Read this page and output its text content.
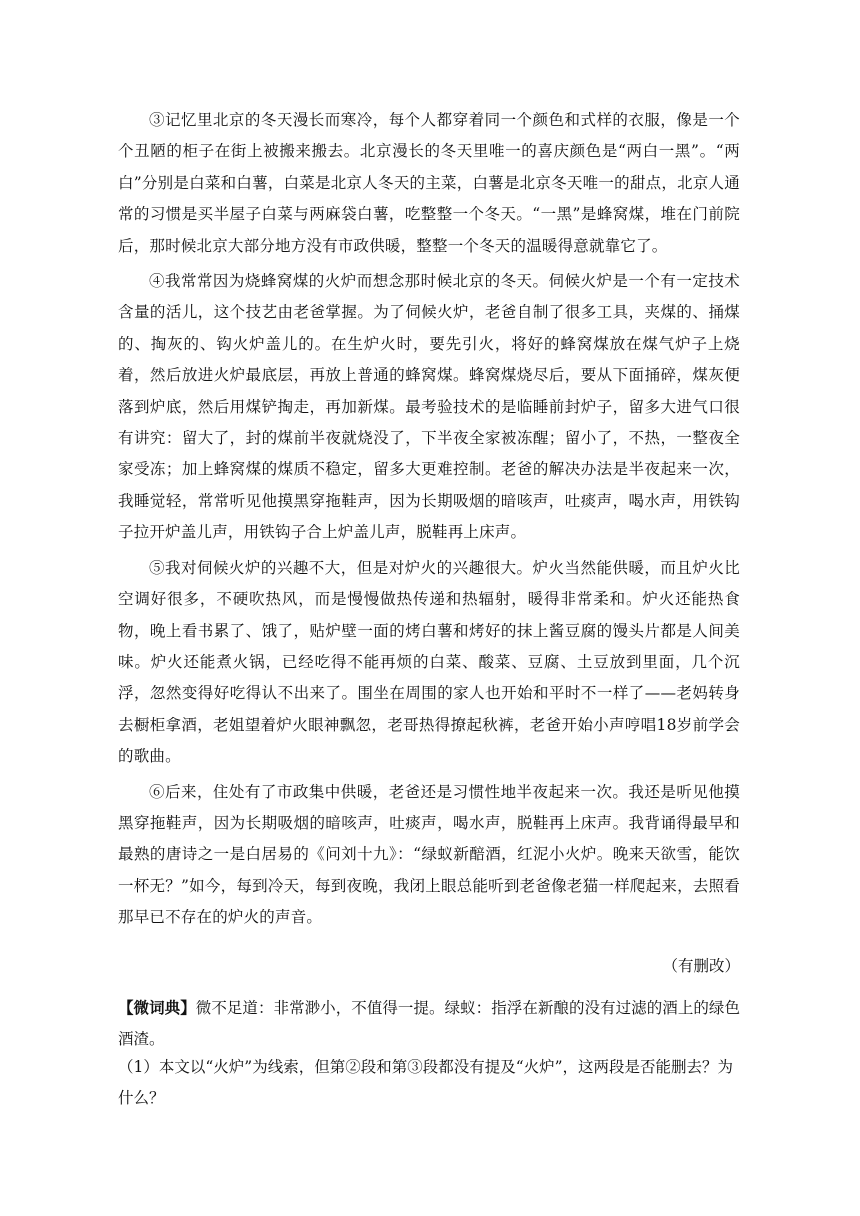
③记忆里北京的冬天漫长而寒冷，每个人都穿着同一个颜色和式样的衣服，像是一个个丑陋的柜子在街上被搬来搬去。北京漫长的冬天里唯一的喜庆颜色是“两白一黑”。“两白”分别是白菜和白薯，白菜是北京人冬天的主菜，白薯是北京冬天唯一的甜点，北京人通常的习惯是买半屋子白菜与两麻袋白薯，吃整整一个冬天。“一黑”是蜂窝煤，堆在门前院后，那时候北京大部分地方没有市政供暖，整整一个冬天的温暖得意就靠它了。

④我常常因为烧蜂窝煤的火炉而想念那时候北京的冬天。伺候火炉是一个有一定技术含量的活儿，这个技艺由老爸掌握。为了伺候火炉，老爸自制了很多工具，夹煤的、捅煤的、掏灰的、钩火炉盖儿的。在生炉火时，要先引火，将好的蜂窝煤放在煤气炉子上烧着，然后放进火炉最底层，再放上普通的蜂窝煤。蜂窝煤烧尽后，要从下面捅碎，煤灰便落到炉底，然后用煤铲掏走，再加新煤。最考验技术的是临睡前封炉子，留多大进气口很有讲究：留大了，封的煤前半夜就烧没了，下半夜全家被冻醒；留小了，不热，一整夜全家受冻；加上蜂窝煤的煤质不稳定，留多大更难控制。老爸的解决办法是半夜起来一次，我睡觉轻，常常听见他摸黑穿拖鞋声，因为长期吸烟的暗咳声，吐痰声，喝水声，用铁钩子拉开炉盖儿声，用铁钩子合上炉盖儿声，脱鞋再上床声。

⑤我对伺候火炉的兴趣不大，但是对炉火的兴趣很大。炉火当然能供暖，而且炉火比空调好很多，不硬吹热风，而是慢慢做热传递和热辐射，暖得非常柔和。炉火还能热食物，晚上看书累了、饿了，贴炉壁一面的烤白薯和烤好的抹上酱豆腐的馒头片都是人间美味。炉火还能煮火锅，已经吃得不能再烦的白菜、酸菜、豆腐、土豆放到里面，几个沉浮，忽然变得好吃得认不出来了。围坐在周围的家人也开始和平时不一样了——老妈转身去橱柜拿酒，老姐望着炉火眼神飘忽，老哥热得撩起秋裤，老爸开始小声哼唱18岁前学会的歌曲。

⑥后来，住处有了市政集中供暖，老爸还是习惯性地半夜起来一次。我还是听见他摸黑穿拖鞋声，因为长期吸烟的暗咳声，吐痰声，喝水声，脱鞋再上床声。我背诵得最早和最熟的唐诗之一是白居易的《问刘十九》：“绿蚁新醅酒，红泥小火炉。晚来天欲雪，能饮一杯无？”如今，每到冷天，每到夜晚，我闭上眼总能听到老爸像老猫一样爬起来，去照看那早已不存在的炉火的声音。

（有删改）

【微词典】微不足道：非常渺小，不值得一提。绿蚁：指浮在新酿的没有过滤的酒上的绿色酒渣。

（1）本文以“火炉”为线索，但第②段和第③段都没有提及“火炉”，这两段是否能删去？为什么？
